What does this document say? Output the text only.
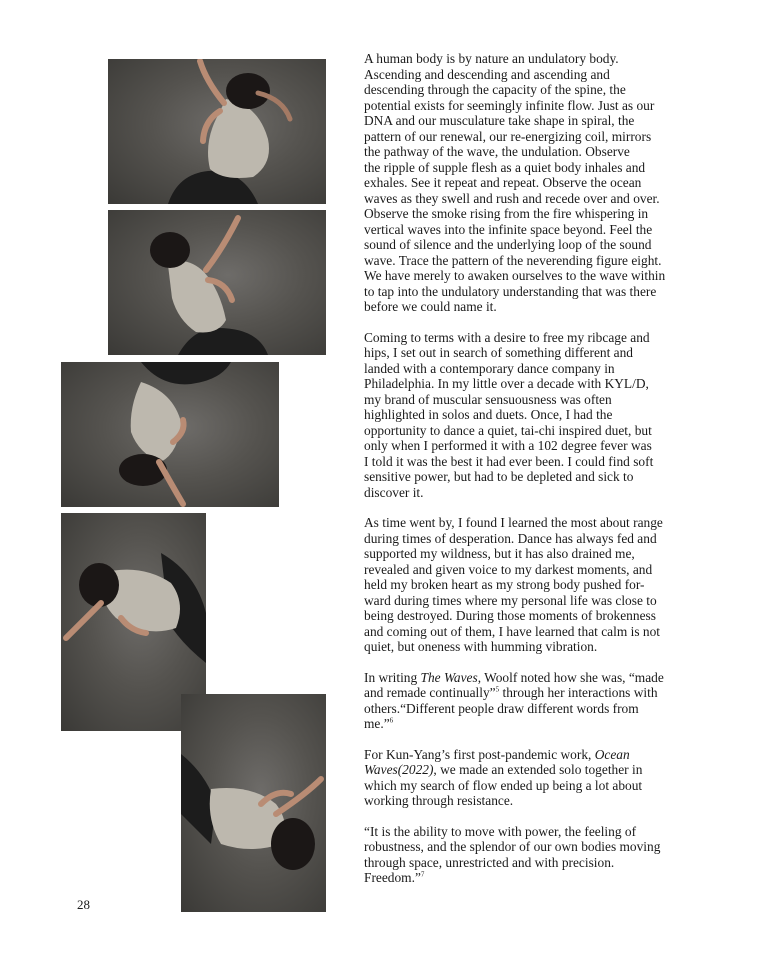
A human body is by nature an undulatory body.
Ascending and descending and ascending and
descending through the capacity of the spine, the
potential exists for seemingly infinite flow. Just as our
DNA and our musculature take shape in spiral, the
pattern of our renewal, our re-energizing coil, mirrors
the pathway of the wave, the undulation. Observe
the ripple of supple flesh as a quiet body inhales and
exhales. See it repeat and repeat. Observe the ocean
waves as they swell and rush and recede over and over.
Observe the smoke rising from the fire whispering in
vertical waves into the infinite space beyond. Feel the
sound of silence and the underlying loop of the sound
wave. Trace the pattern of the neverending figure eight.
We have merely to awaken ourselves to the wave within
to tap into the undulatory understanding that was there
before we could name it.

Coming to terms with a desire to free my ribcage and
hips, I set out in search of something different and
landed with a contemporary dance company in
Philadelphia. In my little over a decade with KYL/D,
my brand of muscular sensuousness was often
highlighted in solos and duets. Once, I had the
opportunity to dance a quiet, tai-chi inspired duet, but
only when I performed it with a 102 degree fever was
I told it was the best it had ever been. I could find soft
sensitive power, but had to be depleted and sick to
discover it.

As time went by, I found I learned the most about range
during times of desperation. Dance has always fed and
supported my wildness, but it has also drained me,
revealed and given voice to my darkest moments, and
held my broken heart as my strong body pushed for-
ward during times where my personal life was close to
being destroyed. During those moments of brokenness
and coming out of them, I have learned that calm is not
quiet, but oneness with humming vibration.

In writing The Waves, Woolf noted how she was, “made
and remade continually”$^5$ through her interactions with
others.“Different people draw different words from
me.”$^6$

For Kun-Yang’s first post-pandemic work, Ocean
Waves(2022), we made an extended solo together in
which my search of flow ended up being a lot about
working through resistance.

“It is the ability to move with power, the feeling of
robustness, and the splendor of our own bodies moving
through space, unrestricted and with precision.
Freedom.”$^7$

28
